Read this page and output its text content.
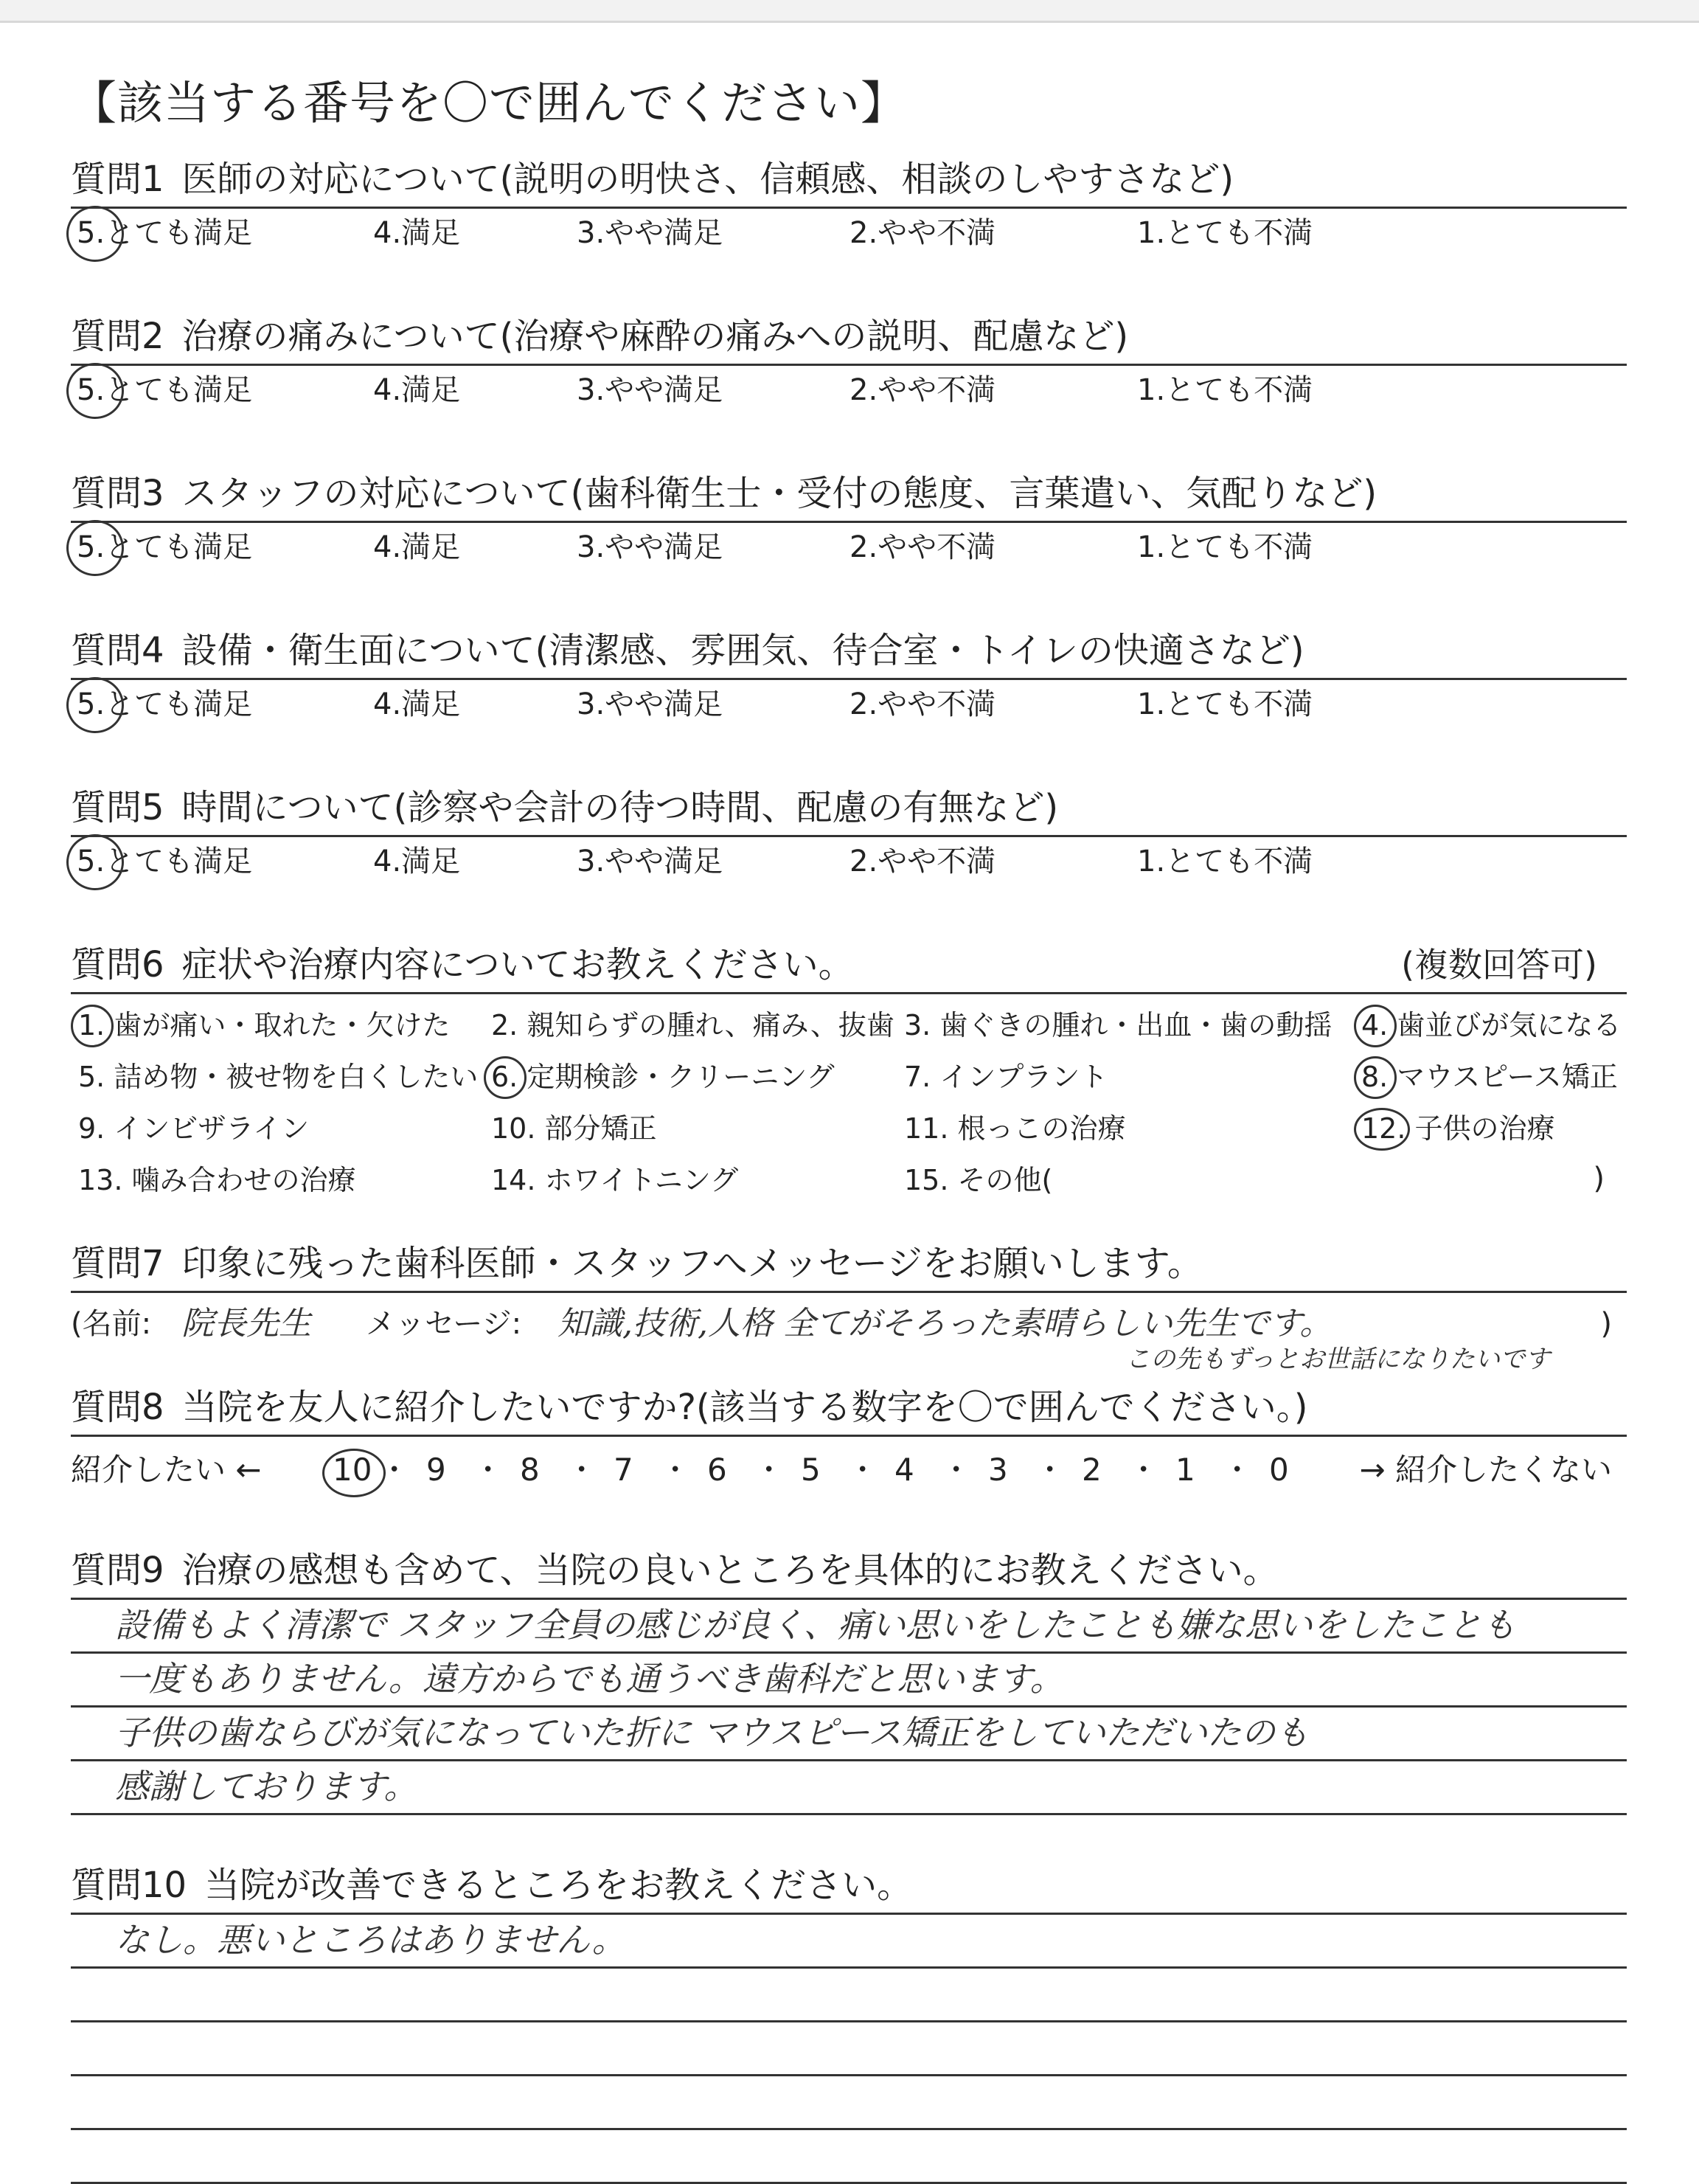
【該当する番号を〇で囲んでください】
質問1 医師の対応について(説明の明快さ、信頼感、相談のしやすさなど)
5.とても満足	4.満足	3.やや満足	2.やや不満	1.とても不満
質問2 治療の痛みについて(治療や麻酔の痛みへの説明、配慮など)
5.とても満足	4.満足	3.やや満足	2.やや不満	1.とても不満
質問3 スタッフの対応について(歯科衛生士・受付の態度、言葉遣い、気配りなど)
5.とても満足	4.満足	3.やや満足	2.やや不満	1.とても不満
質問4 設備・衛生面について(清潔感、雰囲気、待合室・トイレの快適さなど)
5.とても満足	4.満足	3.やや満足	2.やや不満	1.とても不満
質問5 時間について(診察や会計の待つ時間、配慮の有無など)
5.とても満足	4.満足	3.やや満足	2.やや不満	1.とても不満
質問6 症状や治療内容についてお教えください。	(複数回答可)
)
1. 歯が痛い・取れた・欠けた 2. 親知らずの腫れ、痛み、抜歯 3. 歯ぐきの腫れ・出血・歯の動揺 4. 歯並びが気になる
5. 詰め物・被せ物を白くしたい 6. 定期検診・クリーニング 7. インプラント	8. マウスピース矯正
9. インビザライン	10. 部分矯正	11. 根っこの治療	12. 子供の治療
13. 噛み合わせの治療	14. ホワイトニング	15. その他(
質問7 印象に残った歯科医師・スタッフへメッセージをお願いします。
(名前: 院長先生 メッセージ: 知識,技術,人格 全てがそろった素晴らしい先生です。
この先もずっとお世話になりたいです
)
質問8 当院を友人に紹介したいですか?(該当する数字を〇で囲んでください。)
紹介したい ←	→ 紹介したくない
10 • 9 • 8 • 7 • 6 • 5 • 4 • 3 • 2 • 1 • 0
質問9 治療の感想も含めて、当院の良いところを具体的にお教えください。
設備もよく清潔で スタッフ全員の感じが良く、痛い思いをしたことも嫌な思いをしたことも
一度もありません。遠方からでも通うべき歯科だと思います。
子供の歯ならびが気になっていた折に マウスピース矯正をしていただいたのも
感謝しております。
質問10 当院が改善できるところをお教えください。
なし。悪いところはありません。
